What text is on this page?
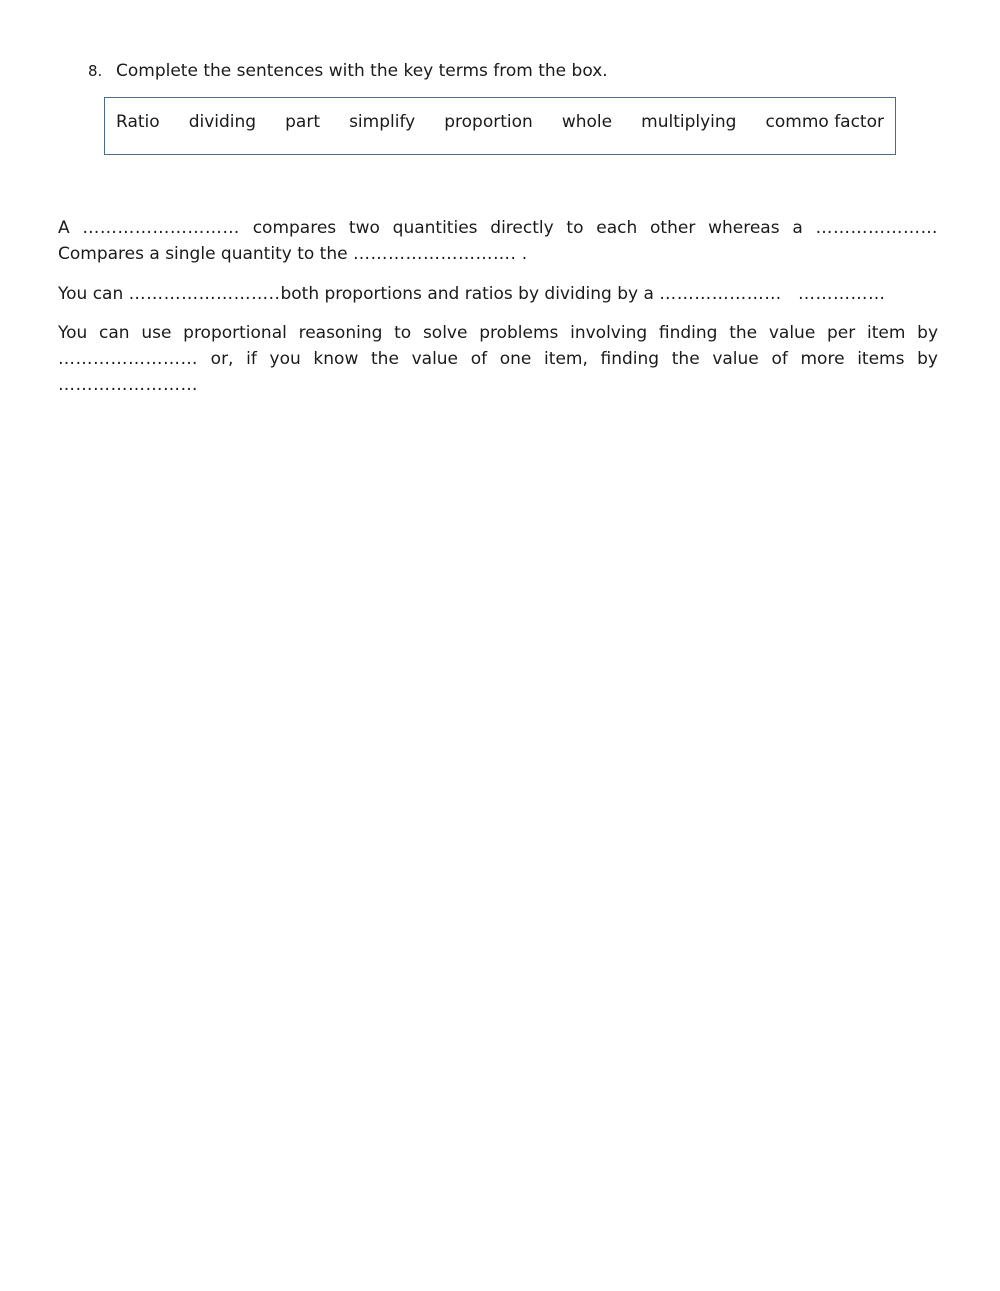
8. Complete the sentences with the key terms from the box.
Ratio dividing part simplify proportion whole multiplying commo factor
A ……………………… compares two quantities directly to each other whereas a ………………… Compares a single quantity to the ………………………. .
You can ……………………..both proportions and ratios by dividing by a ………………… ……………
You can use proportional reasoning to solve problems involving finding the value per item by …………………… or, if you know the value of one item, finding the value of more items by ……………………
